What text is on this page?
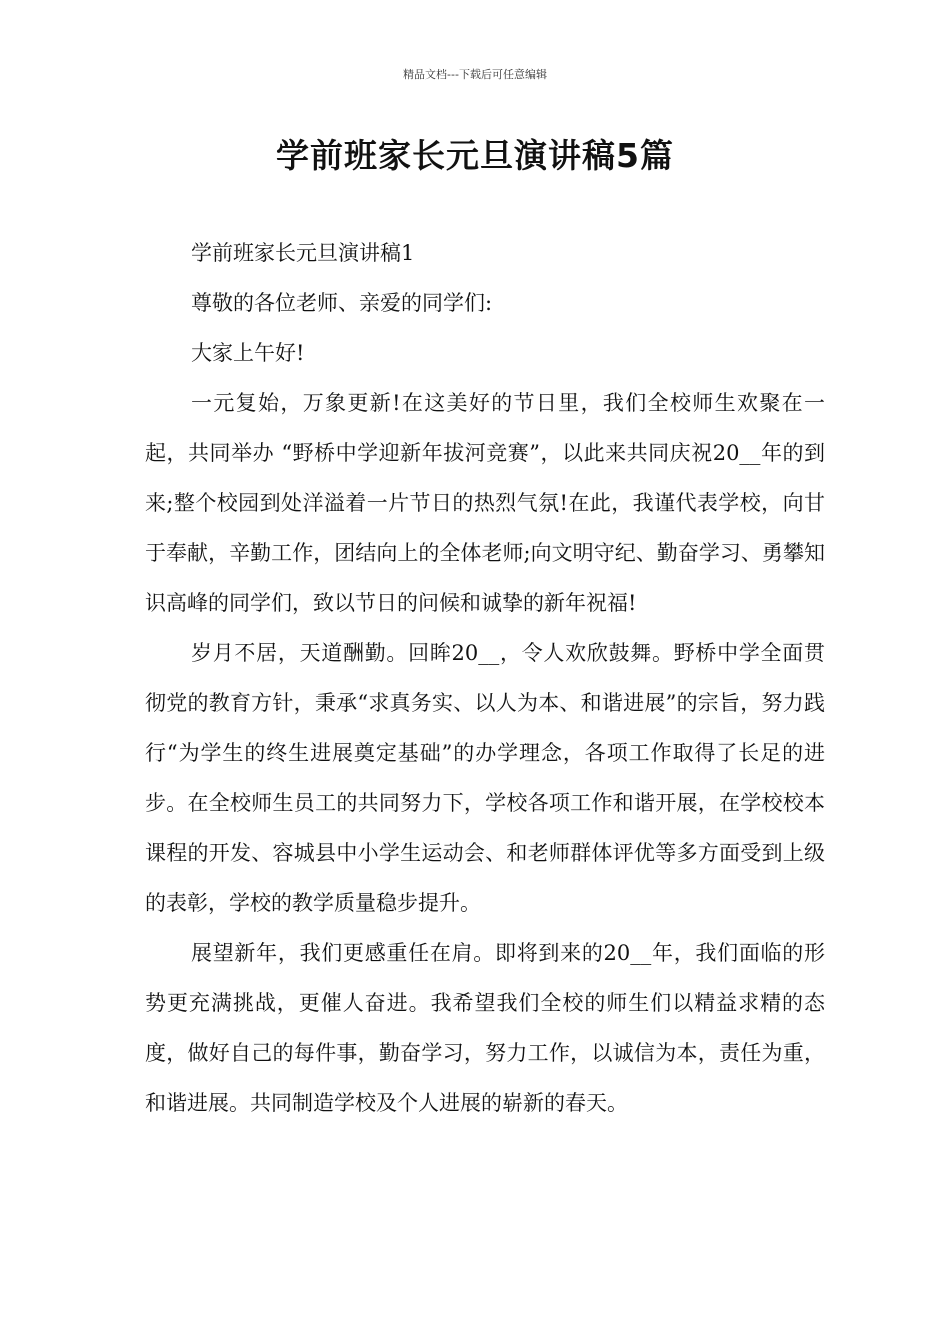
精品文档---下载后可任意编辑
学前班家长元旦演讲稿5篇

学前班家长元旦演讲稿1

尊敬的各位老师、亲爱的同学们:

大家上午好!

一元复始，万象更新!在这美好的节日里，我们全校师生欢聚在一起，共同举办 “野桥中学迎新年拔河竞赛”，以此来共同庆祝20__年的到来;整个校园到处洋溢着一片节日的热烈气氛!在此，我谨代表学校，向甘于奉献，辛勤工作，团结向上的全体老师;向文明守纪、勤奋学习、勇攀知识高峰的同学们，致以节日的问候和诚挚的新年祝福!

岁月不居，天道酬勤。回眸20__，令人欢欣鼓舞。野桥中学全面贯彻党的教育方针，秉承“求真务实、以人为本、和谐进展”的宗旨，努力践行“为学生的终生进展奠定基础”的办学理念，各项工作取得了长足的进步。在全校师生员工的共同努力下，学校各项工作和谐开展，在学校校本课程的开发、容城县中小学生运动会、和老师群体评优等多方面受到上级的表彰，学校的教学质量稳步提升。

展望新年，我们更感重任在肩。即将到来的20__年，我们面临的形势更充满挑战，更催人奋进。我希望我们全校的师生们以精益求精的态度，做好自己的每件事，勤奋学习，努力工作，以诚信为本，责任为重，和谐进展。共同制造学校及个人进展的崭新的春天。
